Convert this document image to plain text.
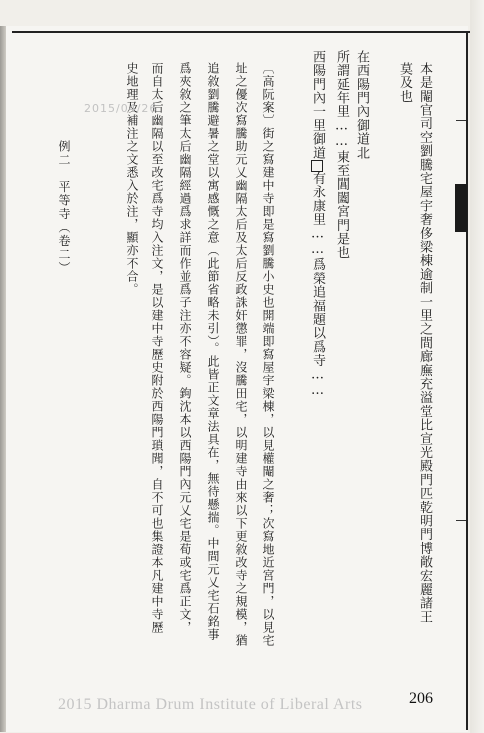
本是閹官司空劉騰宅屋宇奢侈梁棟逾制一里之間廊廡充溢堂比宣光殿門匹乾明門博敞宏麗諸王
莫及也
在西陽門內御道北
所謂延年里……東至閶闔宮門是也
西陽門內一里御道有永康里……爲榮追福題以爲寺……
〔高阮案〕街之寫建中寺即是寫劉騰小史也開端即寫屋宇梁棟，以見權閹之奢；次寫地近宮門，以見宅
址之優次寫騰助元乂幽隔太后及太后反政誅奸懲罪，沒騰田宅，以明建寺由來以下更敘改寺之規模，猶
追敘劉騰避暑之堂以寓感慨之意（此節省略未引）。此皆正文章法具在，無待懸揣。中間元乂宅石銘事
爲夾敘之筆太后幽隔經過爲求詳而作並爲子注亦不容疑。鉤沈本以西陽門內元乂宅是荀或宅爲正文，
而自太后幽隔以至改宅爲寺均入注文，是以建中寺歷史附於西陽門瑣聞，自不可也集證本凡建中寺歷
史地理及補注之文悉入於注，顯亦不合。
例二　平等寺（卷二）
2015/04/26
2015 Dharma Drum Institute of Liberal Arts	206
